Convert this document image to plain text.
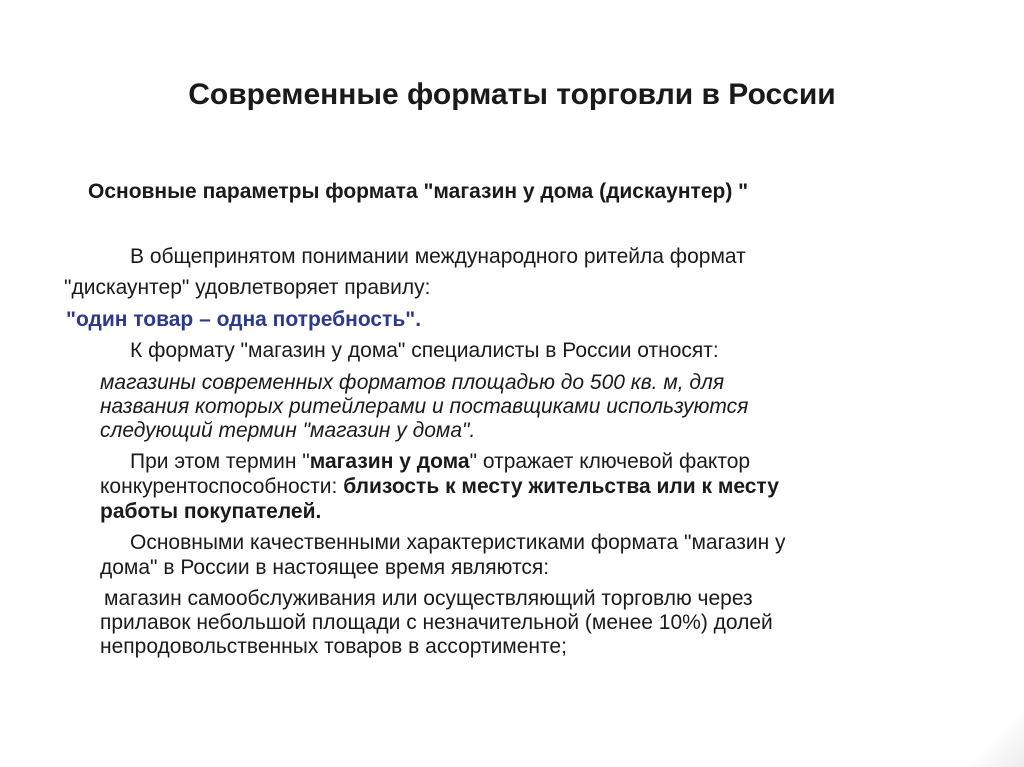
Современные форматы торговли в России
Основные параметры формата "магазин у дома (дискаунтер) "
В общепринятом понимании международного ритейла формат
"дискаунтер" удовлетворяет правилу:
"один товар – одна потребность".
К формату "магазин у дома" специалисты в России относят:
магазины современных форматов площадью до 500 кв. м, для
названия которых ритейлерами и поставщиками используются
следующий термин "магазин у дома".
При этом термин "магазин у дома" отражает ключевой фактор
конкурентоспособности: близость к месту жительства или к месту
работы покупателей.
Основными качественными характеристиками формата "магазин у
дома" в России в настоящее время являются:
магазин самообслуживания или осуществляющий торговлю через
прилавок небольшой площади с незначительной (менее 10%) долей
непродовольственных товаров в ассортименте;
